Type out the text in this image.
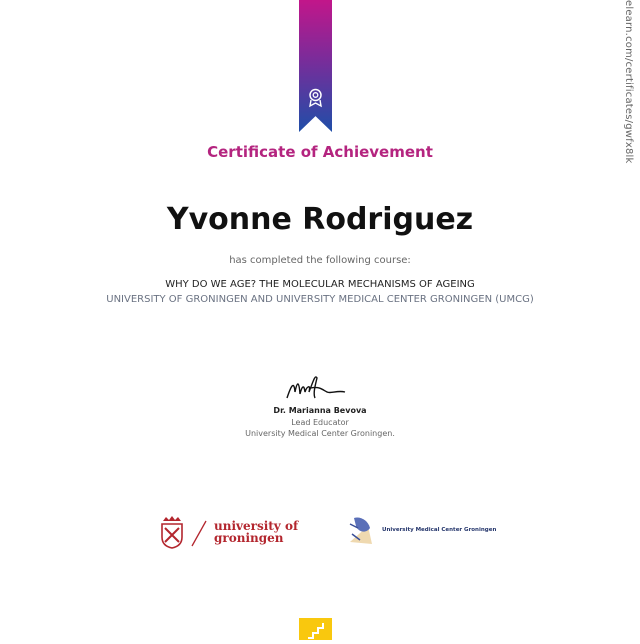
elearn.com/certificates/gwfx8lk
Certificate of Achievement
Yvonne Rodriguez
has completed the following course:
WHY DO WE AGE? THE MOLECULAR MECHANISMS OF AGEING
UNIVERSITY OF GRONINGEN AND UNIVERSITY MEDICAL CENTER GRONINGEN (UMCG)
Dr. Marianna Bevova
Lead Educator
University Medical Center Groningen.
university of
groningen
University Medical Center Groningen
